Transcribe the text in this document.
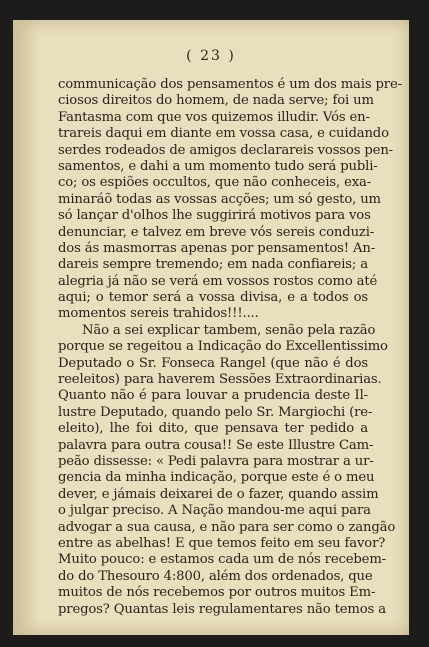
( 23 )
communicação dos pensamentos é um dos mais pre-
ciosos direitos do homem, de nada serve; foi um
Fantasma com que vos quizemos illudir. Vós en-
trareis daqui em diante em vossa casa, e cuidando
serdes rodeados de amigos declarareis vossos pen-
samentos, e dahi a um momento tudo será publi-
co; os espiões occultos, que não conheceis, exa-
minaráõ todas as vossas acções; um só gesto, um
só lançar d'olhos lhe suggirirá motivos para vos
denunciar, e talvez em breve vós sereis conduzi-
dos ás masmorras apenas por pensamentos! An-
dareis sempre tremendo; em nada confiareis; a
alegria já não se verá em vossos rostos como até
aqui; o temor será a vossa divisa, e a todos os
momentos sereis trahidos!!!....
Não a sei explicar tambem, senão pela razão
porque se regeitou a Indicação do Excellentissimo
Deputado o Sr. Fonseca Rangel (que não é dos
reeleitos) para haverem Sessões Extraordinarias.
Quanto não é para louvar a prudencia deste Il-
lustre Deputado, quando pelo Sr. Margiochi (re-
eleito), lhe foi dito, que pensava ter pedido a
palavra para outra cousa!! Se este Illustre Cam-
peão dissesse: « Pedi palavra para mostrar a ur-
gencia da minha indicação, porque este é o meu
dever, e jámais deixarei de o fazer, quando assim
o julgar preciso. A Nação mandou-me aqui para
advogar a sua causa, e não para ser como o zangão
entre as abelhas! E que temos feito em seu favor?
Muito pouco: e estamos cada um de nós recebem-
do do Thesouro 4:800, além dos ordenados, que
muitos de nós recebemos por outros muitos Em-
pregos? Quantas leis regulamentares não temos a
